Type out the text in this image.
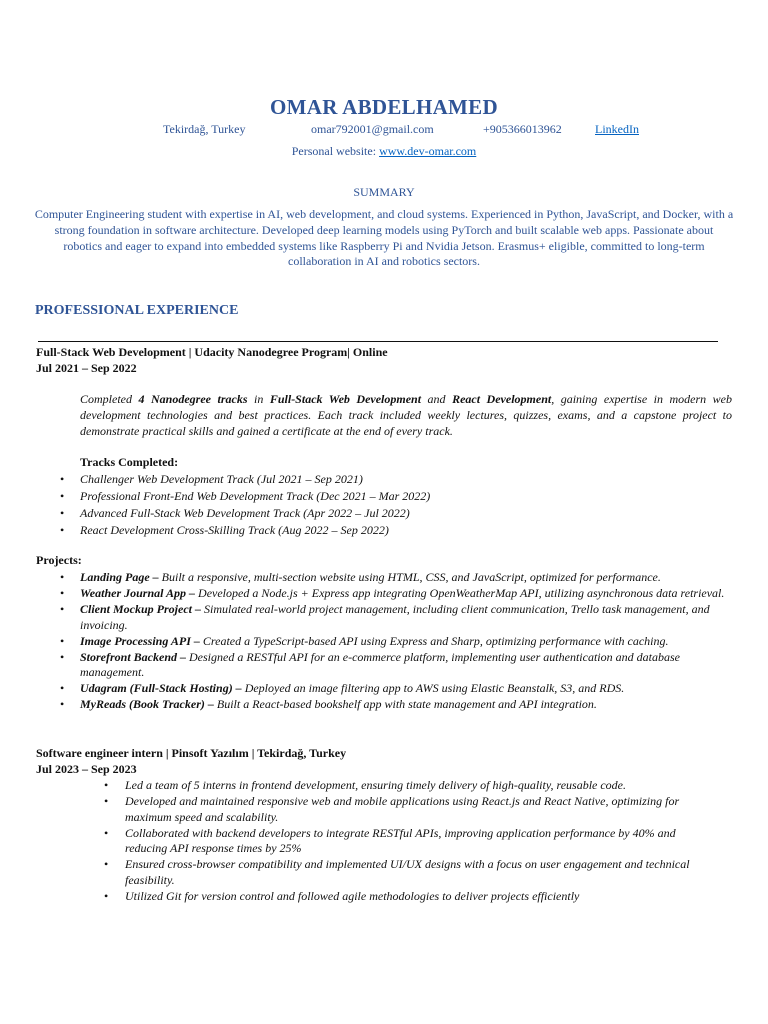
OMAR ABDELHAMED
Tekirdağ, Turkey	omar792001@gmail.com	+905366013962	LinkedIn
Personal website: www.dev-omar.com
SUMMARY
Computer Engineering student with expertise in AI, web development, and cloud systems. Experienced in Python, JavaScript, and Docker, with a strong foundation in software architecture. Developed deep learning models using PyTorch and built scalable web apps. Passionate about robotics and eager to expand into embedded systems like Raspberry Pi and Nvidia Jetson. Erasmus+ eligible, committed to long-term collaboration in AI and robotics sectors.
PROFESSIONAL EXPERIENCE
Full-Stack Web Development | Udacity Nanodegree Program| Online
Jul 2021 – Sep 2022
Completed 4 Nanodegree tracks in Full-Stack Web Development and React Development, gaining expertise in modern web development technologies and best practices. Each track included weekly lectures, quizzes, exams, and a capstone project to demonstrate practical skills and gained a certificate at the end of every track.
Tracks Completed:
• Challenger Web Development Track (Jul 2021 – Sep 2021)
• Professional Front-End Web Development Track (Dec 2021 – Mar 2022)
• Advanced Full-Stack Web Development Track (Apr 2022 – Jul 2022)
• React Development Cross-Skilling Track (Aug 2022 – Sep 2022)
Projects:
• Landing Page – Built a responsive, multi-section website using HTML, CSS, and JavaScript, optimized for performance.
• Weather Journal App – Developed a Node.js + Express app integrating OpenWeatherMap API, utilizing asynchronous data retrieval.
• Client Mockup Project – Simulated real-world project management, including client communication, Trello task management, and invoicing.
• Image Processing API – Created a TypeScript-based API using Express and Sharp, optimizing performance with caching.
• Storefront Backend – Designed a RESTful API for an e-commerce platform, implementing user authentication and database management.
• Udagram (Full-Stack Hosting) – Deployed an image filtering app to AWS using Elastic Beanstalk, S3, and RDS.
• MyReads (Book Tracker) – Built a React-based bookshelf app with state management and API integration.
Software engineer intern | Pinsoft Yazılım | Tekirdağ, Turkey
Jul 2023 – Sep 2023
• Led a team of 5 interns in frontend development, ensuring timely delivery of high-quality, reusable code.
• Developed and maintained responsive web and mobile applications using React.js and React Native, optimizing for maximum speed and scalability.
• Collaborated with backend developers to integrate RESTful APIs, improving application performance by 40% and reducing API response times by 25%
• Ensured cross-browser compatibility and implemented UI/UX designs with a focus on user engagement and technical feasibility.
• Utilized Git for version control and followed agile methodologies to deliver projects efficiently
